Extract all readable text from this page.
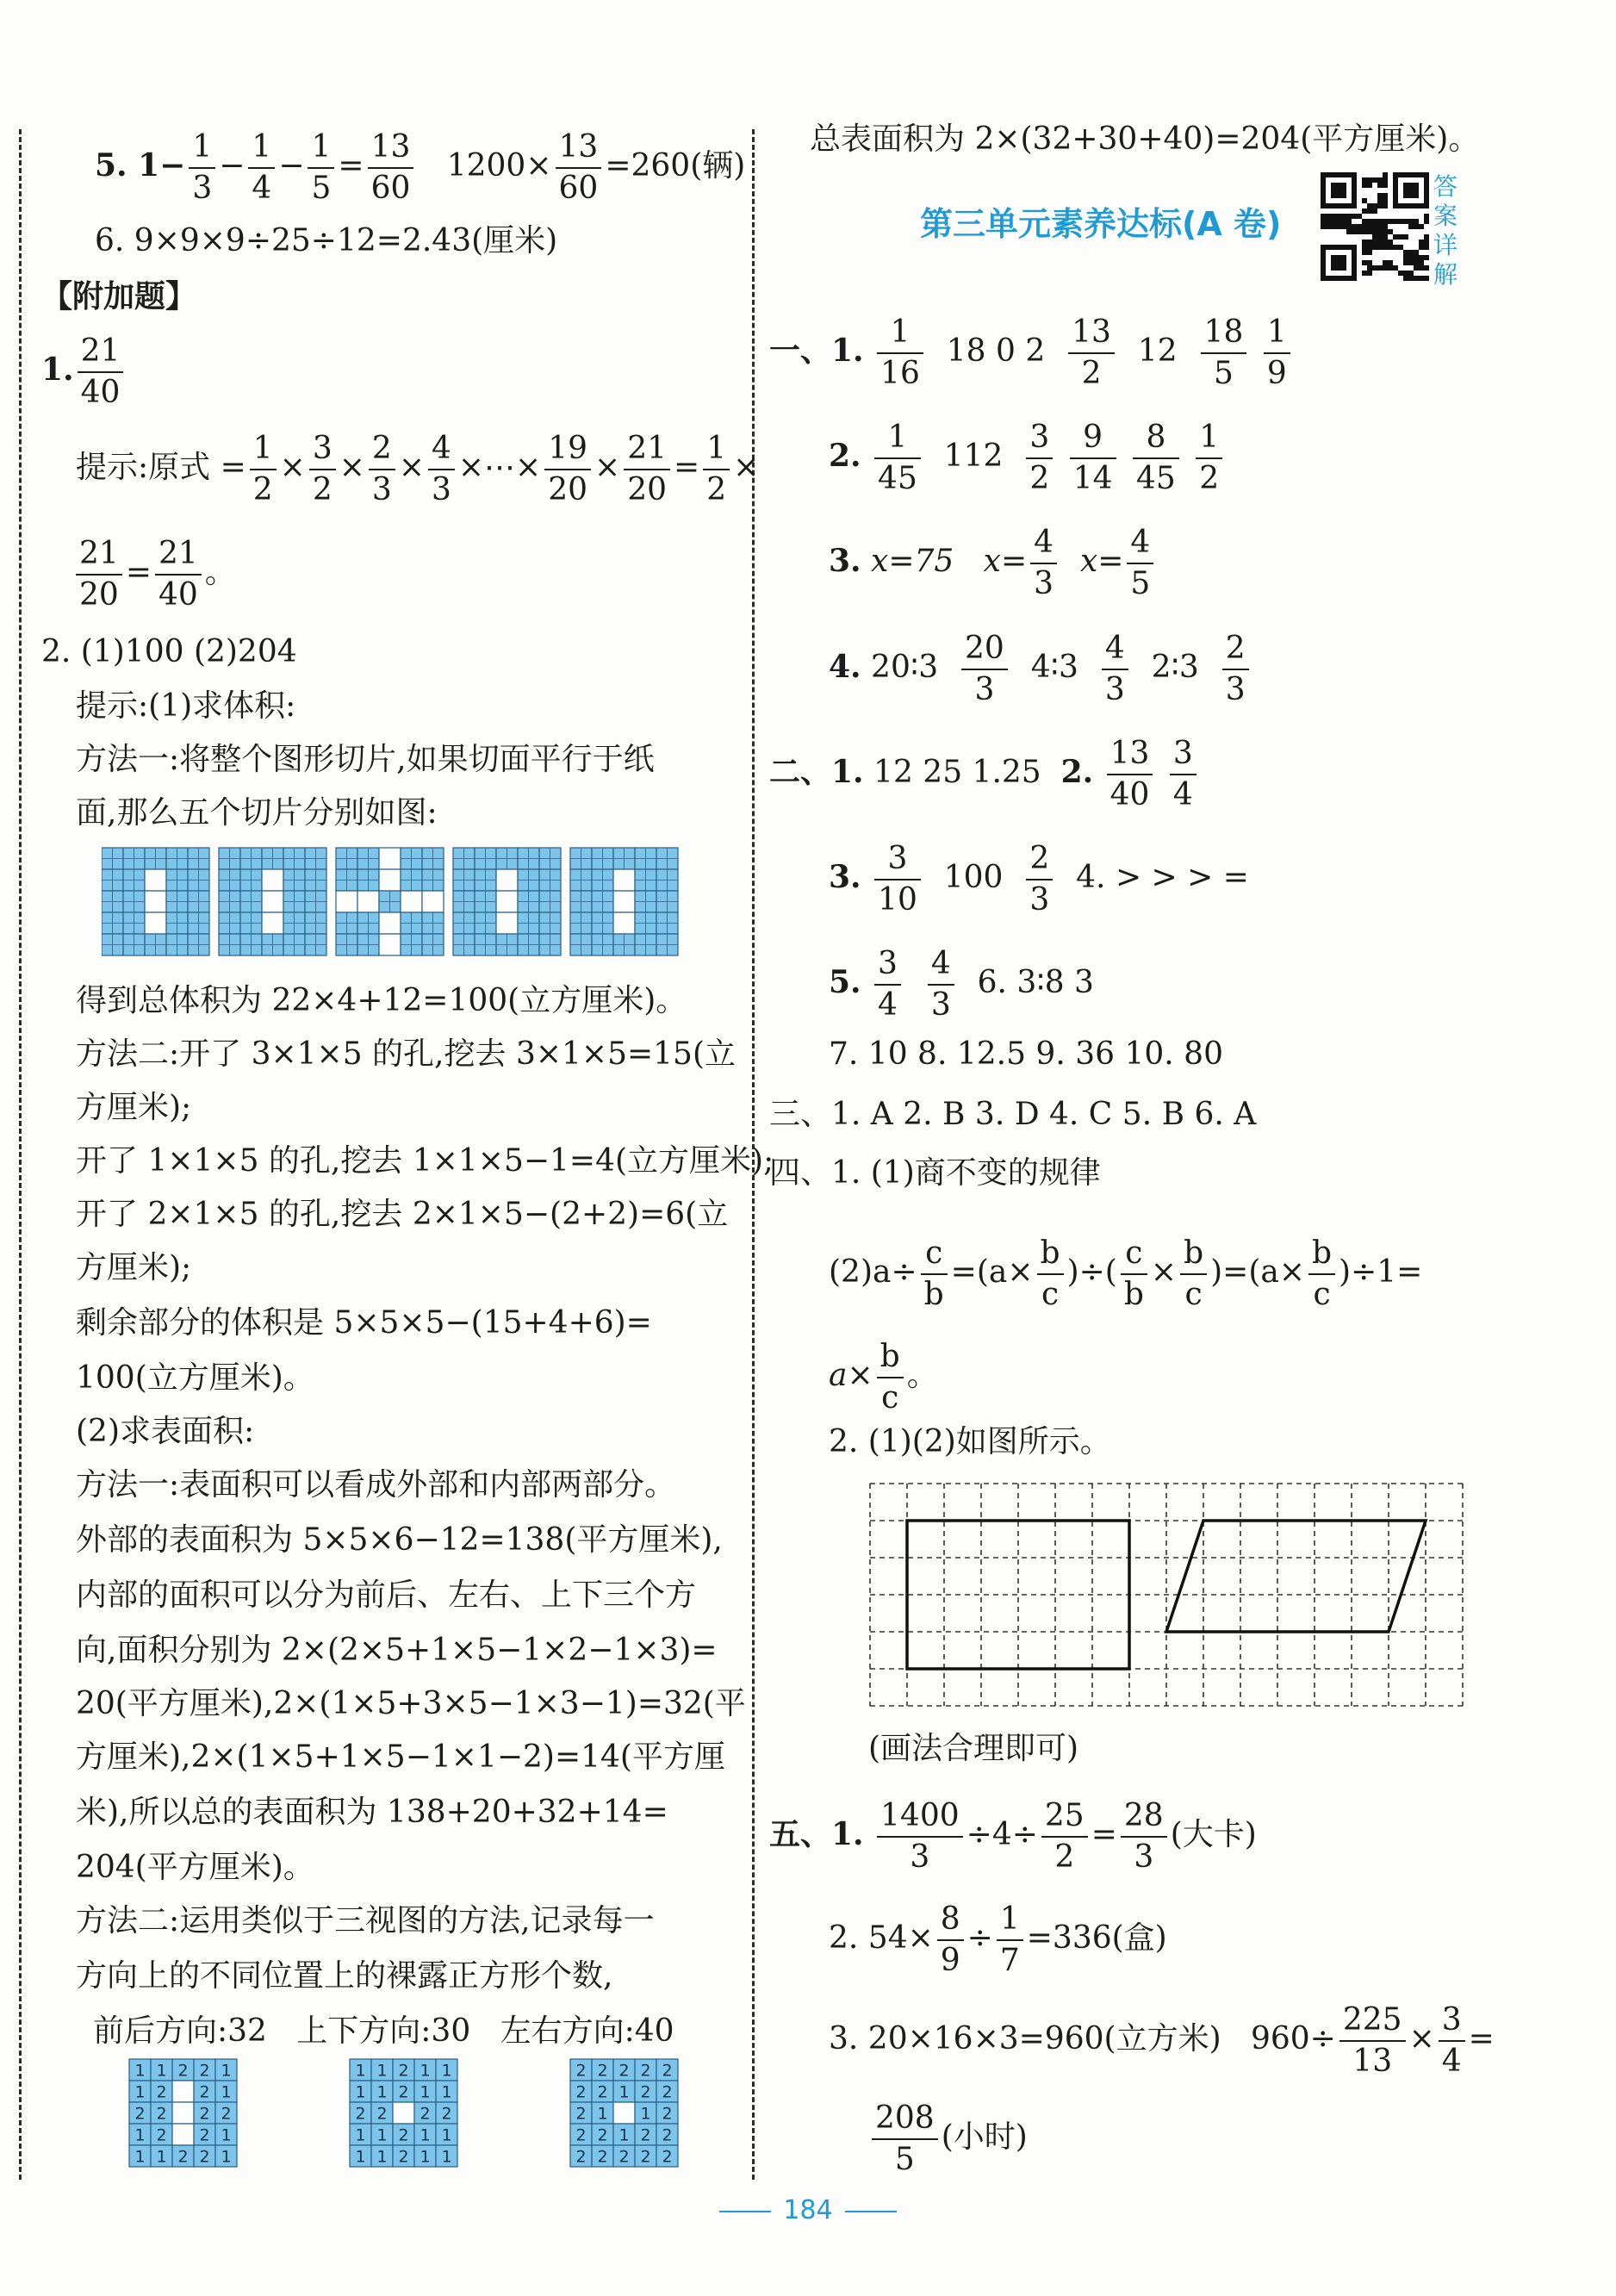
5. $1- \frac{1}{3} - \frac{1}{4} - \frac{1}{5} = \frac{13}{60} 1200\times \frac{13}{60} =260$(辆)
6. 9×9×9÷25÷12=2.43(厘米)
【附加题】
1. $\frac{21}{40}$
提示:原式 = $\frac{1}{2} \times \frac{3}{2} \times \frac{2}{3} \times \frac{4}{3}$ ×⋯× $\frac{19}{20} \times \frac{21}{20} = \frac{1}{2}$ ×
$\frac{21}{20} = \frac{21}{40}$ 。
2. (1)100 (2)204
提示:(1)求体积:
方法一:将整个图形切片,如果切面平行于纸
面,那么五个切片分别如图:
得到总体积为 22×4+12=100(立方厘米)。
方法二:开了 3×1×5 的孔,挖去 3×1×5=15(立
方厘米);
开了 1×1×5 的孔,挖去 1×1×5−1=4(立方厘米);
开了 2×1×5 的孔,挖去 2×1×5−(2+2)=6(立
方厘米);
剩余部分的体积是 5×5×5−(15+4+6)=
100(立方厘米)。
(2)求表面积:
方法一:表面积可以看成外部和内部两部分。
外部的表面积为 5×5×6−12=138(平方厘米),
内部的面积可以分为前后、左右、上下三个方
向,面积分别为 2×(2×5+1×5−1×2−1×3)=
20(平方厘米),2×(1×5+3×5−1×3−1)=32(平
方厘米),2×(1×5+1×5−1×1−2)=14(平方厘
米),所以总的表面积为 138+20+32+14=
204(平方厘米)。
方法二:运用类似于三视图的方法,记录每一
方向上的不同位置上的裸露正方形个数,
前后方向:32 上下方向:30 左右方向:40
1 1 2 2 1
1 2 2 1
2 2 2 2
1 2 2 1
1 1 2 2 1
1 1 2 1 1
1 1 2 1 1
2 2 2 2
1 1 2 1 1
1 1 2 1 1
2 2 2 2 2
2 2 1 2 2
2 1 1 2
2 2 1 2 2
2 2 2 2 2
总表面积为 2×(32+30+40)=204(平方厘米)。
第三单元素养达标(A 卷)
答
案
详
解
一、1. $\frac{1}{16} 18$ 0 $2 \frac{13}{2} 12 \frac{18}{5}$
$\frac{1}{9}$
2. $\frac{1}{45} 112 \frac{3}{2}$
$\frac{9}{14}$
$\frac{8}{45}$
$\frac{1}{2}$
3. x=75 $x= \frac{4}{3} x= \frac{4}{5}$
4. 20∶3 $\frac{20}{3}$ 4∶3 $\frac{4}{3}$ 2∶3 $\frac{2}{3}$
二、1. 12 25 1.25 2. $\frac{13}{40}$
$\frac{3}{4}$
3. $\frac{3}{10} 100 \frac{2}{3} 4$. > > > =
5. $\frac{3}{4}$
$\frac{4}{3} 6$. 3∶8 3
7. 10 8. 12.5 9. 36 10. 80
三、1. A 2. B 3. D 4. C 5. B 6. A
四、1. (1)商不变的规律
$(2)a\div \frac{c}{b} =(a\times \frac{b}{c}$ )÷( $\frac{c}{b} \times \frac{b}{c} )=(a\times \frac{b}{c} )\div 1=$
$a\times \frac{b}{c}$ 。
2. (1)(2)如图所示。
(画法合理即可)
五、1. $\frac{1400}{3} \div 4\div \frac{25}{2} = \frac{28}{3}$ (大卡)
2. $54\times \frac{8}{9} \div \frac{1}{7} =336$(盒)
3. 20×16×3=960(立方米) $960\div \frac{225}{13} \times \frac{3}{4}$ =
$\frac{208}{5}$ (小时)
184
